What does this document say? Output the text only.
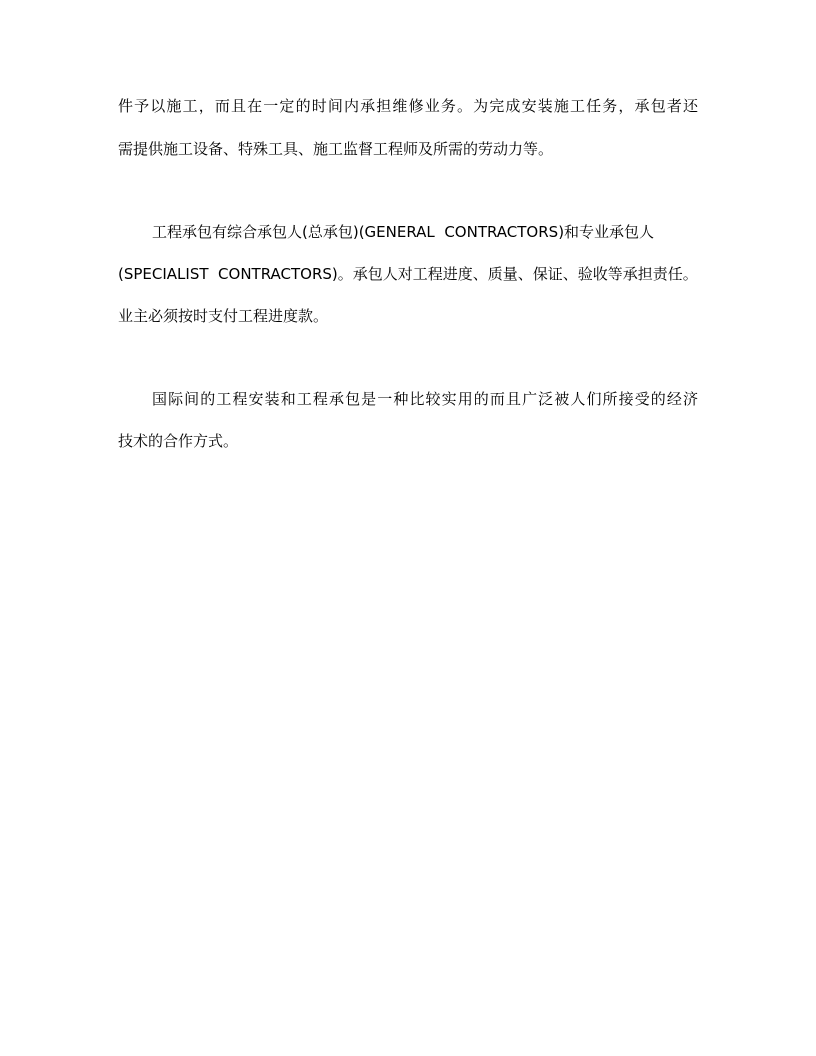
件予以施工，而且在一定的时间内承担维修业务。为完成安装施工任务，承包者还
需提供施工设备、特殊工具、施工监督工程师及所需的劳动力等。
工程承包有综合承包人(总承包)(GENERAL  CONTRACTORS)和专业承包人
(SPECIALIST  CONTRACTORS)。承包人对工程进度、质量、保证、验收等承担责任。
业主必须按时支付工程进度款。
国际间的工程安装和工程承包是一种比较实用的而且广泛被人们所接受的经济
技术的合作方式。
